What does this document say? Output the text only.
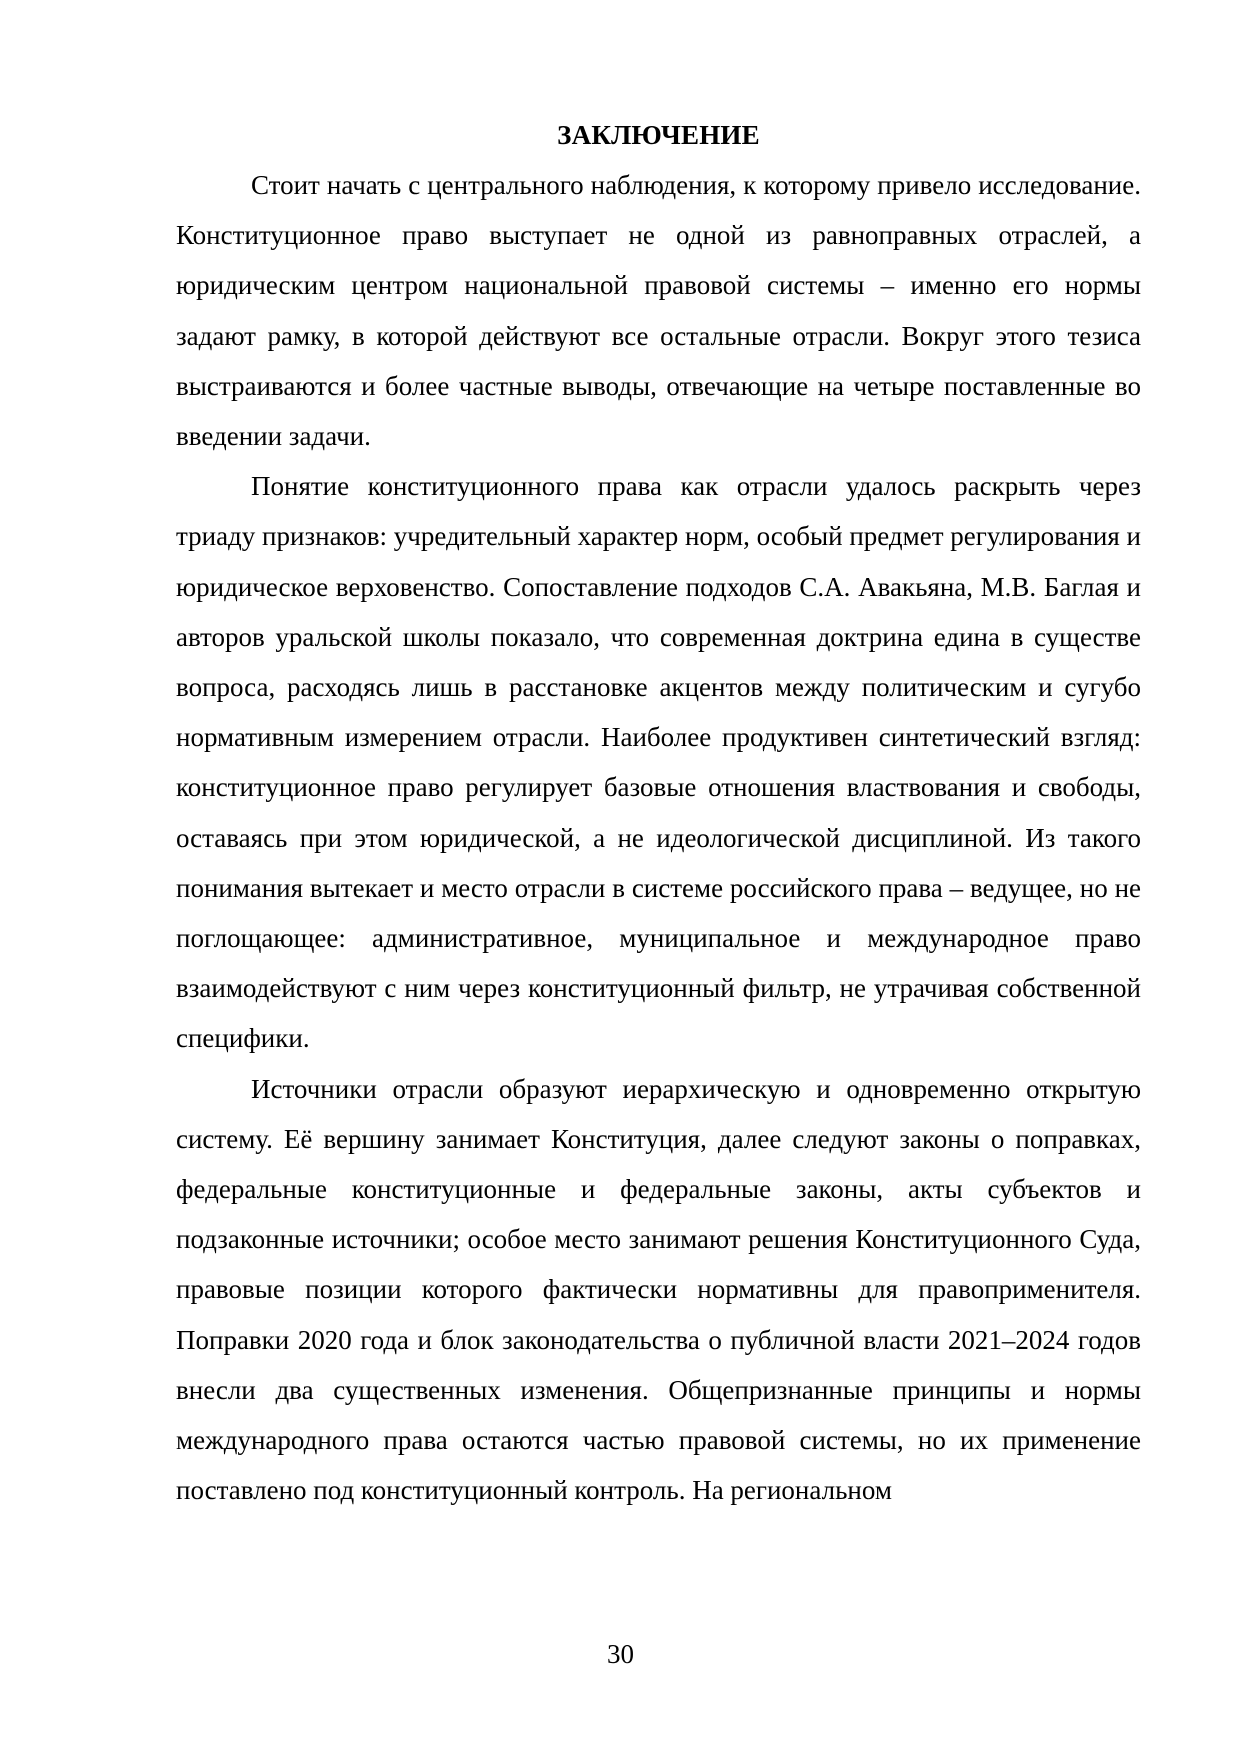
ЗАКЛЮЧЕНИЕ

Стоит начать с центрального наблюдения, к которому привело исследование. Конституционное право выступает не одной из равноправных отраслей, а юридическим центром национальной правовой системы – именно его нормы задают рамку, в которой действуют все остальные отрасли. Вокруг этого тезиса выстраиваются и более частные выводы, отвечающие на четыре поставленные во введении задачи.

Понятие конституционного права как отрасли удалось раскрыть через триаду признаков: учредительный характер норм, особый предмет регулирования и юридическое верховенство. Сопоставление подходов С.А. Авакьяна, М.В. Баглая и авторов уральской школы показало, что современная доктрина едина в существе вопроса, расходясь лишь в расстановке акцентов между политическим и сугубо нормативным измерением отрасли. Наиболее продуктивен синтетический взгляд: конституционное право регулирует базовые отношения властвования и свободы, оставаясь при этом юридической, а не идеологической дисциплиной. Из такого понимания вытекает и место отрасли в системе российского права – ведущее, но не поглощающее: административное, муниципальное и международное право взаимодействуют с ним через конституционный фильтр, не утрачивая собственной специфики.

Источники отрасли образуют иерархическую и одновременно открытую систему. Её вершину занимает Конституция, далее следуют законы о поправках, федеральные конституционные и федеральные законы, акты субъектов и подзаконные источники; особое место занимают решения Конституционного Суда, правовые позиции которого фактически нормативны для правоприменителя. Поправки 2020 года и блок законодательства о публичной власти 2021–2024 годов внесли два существенных изменения. Общепризнанные принципы и нормы международного права остаются частью правовой системы, но их применение поставлено под конституционный контроль. На региональном

30
